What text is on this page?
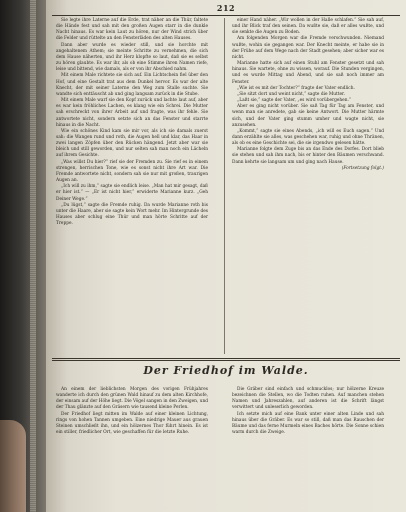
212

Sie legte ihre Laterne auf die Erde, trat näher an die Thür, faltete die Hände fest und sah mit den großen Augen starr in die dunkle Nacht hinaus. Es war kein Laut zu hören, nur der Wind strich über die Felder und rüttelte an den Fensterläden des alten Hauses.

Dann aber wurde es wieder still, und sie horchte mit angehaltenem Athem; sie meinte Schritte zu vernehmen, die sich dem Hause näherten, und ihr Herz klopfte so laut, daß sie es selbst zu hören glaubte. Es war ihr, als ob eine Stimme ihren Namen riefe, leise und bittend, wie damals, als er von ihr Abschied nahm.

Mit einem Male richtete sie sich auf. Ein Lichtschein fiel über den Hof, und eine Gestalt trat aus dem Dunkel hervor. Es war der alte Knecht, der mit seiner Laterne den Weg zum Stalle suchte. Sie wandte sich enttäuscht ab und ging langsam zurück in die Stube.

Mit einem Male warf sie den Kopf zurück und lachte laut auf, aber es war kein fröhliches Lachen, es klang wie ein Schrei. Die Mutter sah erschreckt von ihrer Arbeit auf und fragte, was ihr fehle. Sie antwortete nicht, sondern setzte sich an das Fenster und starrte hinaus in die Nacht.

Wie ein schönes Kind kam sie mir vor, als ich sie damals zuerst sah: die Wangen rund und roth, die Augen hell und klar, das Haar in zwei langen Zöpfen über den Rücken hängend. Jetzt aber war sie bleich und still geworden, und nur selten sah man noch ein Lächeln auf ihrem Gesichte.

„Was willst Du hier?“ rief sie der Fremden zu. Sie rief es in einem strengen, herrischen Tone, wie es sonst nicht ihre Art war. Die Fremde antwortete nicht, sondern sah sie nur mit großen, traurigen Augen an.

„Ich will zu ihm,“ sagte sie endlich leise. „Man hat mir gesagt, daß er hier ist.“ — „Er ist nicht hier,“ erwiderte Marianne kurz. „Geh Deiner Wege.“

„Du lügst,“ sagte die Fremde ruhig. Da wurde Marianne roth bis unter die Haare, aber sie sagte kein Wort mehr. Im Hintergrunde des Hauses aber schlug eine Thür und man hörte Schritte auf der Treppe.

einer Hand näher. „Wir wollen in der Halle schlafen.“ Sie sah auf, und ihr Blick traf den seinen. Da wußte sie, daß er alles wußte, und sie senkte die Augen zu Boden.

Am folgenden Morgen war die Fremde verschwunden. Niemand wußte, wohin sie gegangen war. Der Knecht meinte, er habe sie in der Frühe auf dem Wege nach der Stadt gesehen; aber sicher war es nicht.

Marianne hatte sich auf einen Stuhl am Fenster gesetzt und sah hinaus. Sie wartete, ohne zu wissen, worauf. Die Stunden vergingen, und es wurde Mittag und Abend, und sie saß noch immer am Fenster.

„Wie ist es mit der Tochter?“ fragte der Vater endlich.

„Sie sitzt dort und weint nicht,“ sagte die Mutter.

„Laßt sie,“ sagte der Vater, „es wird vorübergehen.“

Aber es ging nicht vorüber. Sie saß Tag für Tag am Fenster, und wenn man sie anredete, gab sie keine Antwort. Die Mutter härmte sich, und der Vater ging stumm umher und wagte nicht, sie anzusehen.

„Kommt,“ sagte sie eines Abends, „ich will es Euch sagen.“ Und dann erzählte sie alles, was geschehen war, ruhig und ohne Thränen, als ob es eine Geschichte sei, die sie irgendwo gelesen hätte.

Marianne folgte dem Zuge bis an das Ende des Dorfes. Dort blieb sie stehen und sah ihm nach, bis er hinter den Bäumen verschwand. Dann kehrte sie langsam um und ging nach Hause.

(Fortsetzung folgt.)

Der Friedhof im Walde.

An einem der lieblichsten Morgen des vorigen Frühjahres wanderte ich durch den grünen Wald hinauf zu dem alten Kirchhofe, der einsam auf der Höhe liegt. Die Vögel sangen in den Zweigen, und der Thau glänzte auf den Gräsern wie tausend kleine Perlen.

Der Friedhof liegt mitten im Walde auf einer kleinen Lichtung, rings von hohen Tannen umgeben. Eine niedrige Mauer aus grauen Steinen umschließt ihn, und ein hölzernes Thor führt hinein. Es ist ein stiller, friedlicher Ort, wie geschaffen für die letzte Ruhe.

Die Gräber sind einfach und schmucklos; nur hölzerne Kreuze bezeichnen die Stellen, wo die Todten ruhen. Auf manchen stehen Namen und Jahreszahlen, auf anderen ist die Schrift längst verwittert und unleserlich geworden.

Ich setzte mich auf eine Bank unter einer alten Linde und sah hinaus über die Gräber. Es war so still, daß man das Rauschen der Bäume und das ferne Murmeln eines Baches hörte. Die Sonne schien warm durch die Zweige.
